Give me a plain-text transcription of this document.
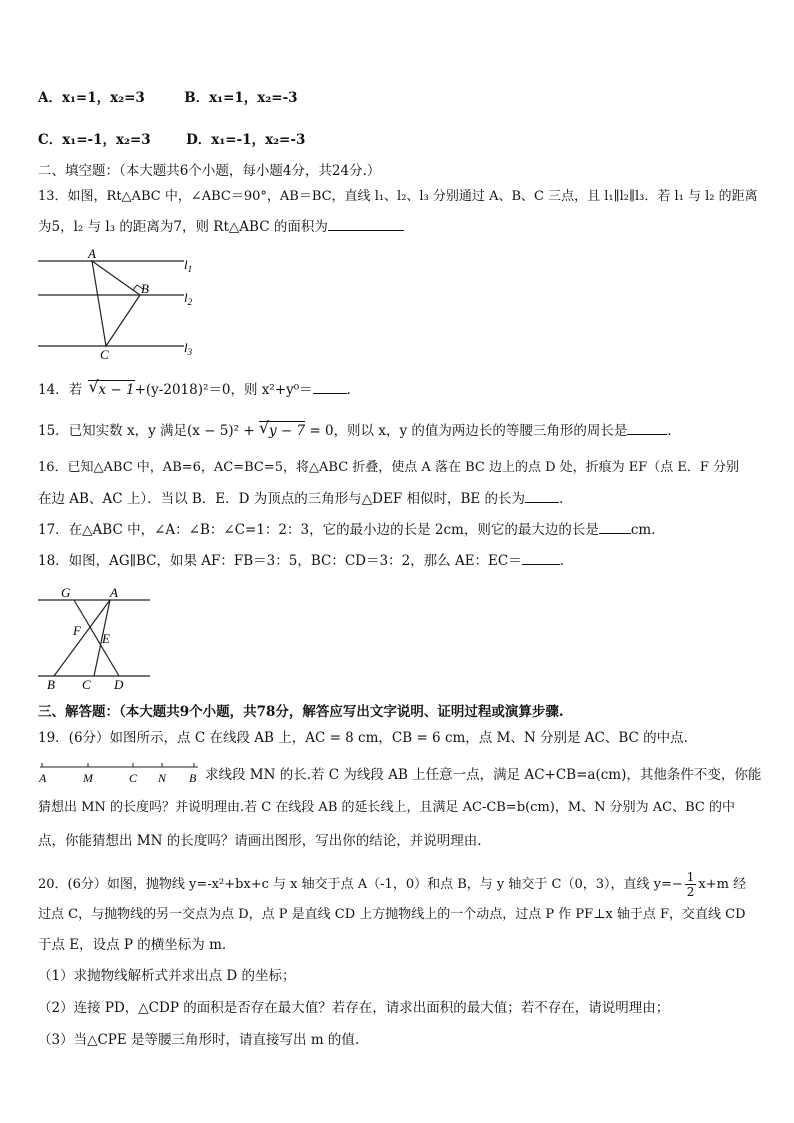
A．x₁=1，x₂=3	B．x₁=1，x₂=-3
C．x₁=-1，x₂=3	D．x₁=-1，x₂=-3
二、填空题：（本大题共6个小题，每小题4分，共24分.）
13．如图，Rt△ABC 中，∠ABC＝90°，AB＝BC，直线 l₁、l₂、l₃ 分别通过 A、B、C 三点，且 l₁∥l₂∥l₃．若 l₁ 与 l₂ 的距离
为5，l₂ 与 l₃ 的距离为7，则 Rt△ABC 的面积为
A
B
C
$l_1$
$l_2$
$l_3$
14．若 √ x − 1+(y-2018)²＝0，则 x²+y⁰＝	．
15．已知实数 x，y 满足(x − 5)² + √ y − 7 = 0，则以 x，y 的值为两边长的等腰三角形的周长是	．
16．已知△ABC 中，AB=6，AC=BC=5，将△ABC 折叠，使点 A 落在 BC 边上的点 D 处，折痕为 EF（点 E．F 分别
在边 AB、AC 上）．当以 B．E．D 为顶点的三角形与△DEF 相似时，BE 的长为	．
17．在△ABC 中，∠A：∠B：∠C=1：2：3，它的最小边的长是 2cm，则它的最大边的长是 cm．
18．如图，AG∥BC，如果 AF：FB＝3：5，BC：CD＝3：2，那么 AE：EC＝	．
G	A
F
E
B C D
三、解答题：（本大题共9个小题，共78分，解答应写出文字说明、证明过程或演算步骤.
19．(6分）如图所示，点 C 在线段 AB 上，AC = 8 cm，CB = 6 cm，点 M、N 分别是 AC、BC 的中点.
A	M	C N B 求线段 MN 的长.若 C 为线段 AB 上任意一点，满足 AC+CB=a(cm)，其他条件不变，你能
猜想出 MN 的长度吗？并说明理由.若 C 在线段 AB 的延长线上，且满足 AC-CB=b(cm)，M、N 分别为 AC、BC 的中
点，你能猜想出 MN 的长度吗？请画出图形，写出你的结论，并说明理由.
20．(6分）如图，抛物线 y=-x²+bx+c 与 x 轴交于点 A（-1，0）和点 B，与 y 轴交于 C（0，3），直线 $y=- \frac{1}{2} x+m$ 经
过点 C，与抛物线的另一交点为点 D，点 P 是直线 CD 上方抛物线上的一个动点，过点 P 作 PF⊥x 轴于点 F，交直线 CD
于点 E，设点 P 的横坐标为 m.
（1）求抛物线解析式并求出点 D 的坐标；
（2）连接 PD，△CDP 的面积是否存在最大值？若存在，请求出面积的最大值；若不存在，请说明理由；
（3）当△CPE 是等腰三角形时，请直接写出 m 的值.
